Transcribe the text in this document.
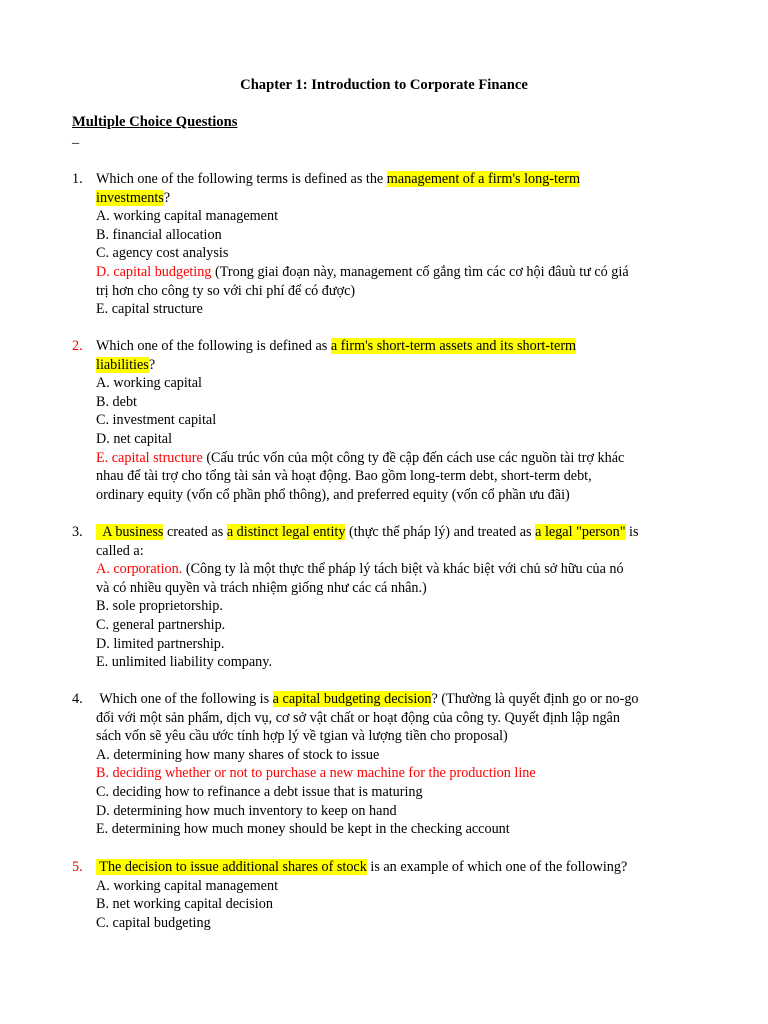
Chapter 1: Introduction to Corporate Finance
Multiple Choice Questions
–
1. Which one of the following terms is defined as the management of a firm's long-term
investments?
A. working capital management
B. financial allocation
C. agency cost analysis
D. capital budgeting (Trong giai đoạn này, management cố gắng tìm các cơ hội đâuù tư có giá
trị hơn cho công ty so với chi phí để có được)
E. capital structure
2. Which one of the following is defined as a firm's short-term assets and its short-term
liabilities?
A. working capital
B. debt
C. investment capital
D. net capital
E. capital structure (Cấu trúc vốn của một công ty đề cập đến cách use các nguồn tài trợ khác
nhau để tài trợ cho tổng tài sản và hoạt động. Bao gồm long-term debt, short-term debt,
ordinary equity (vốn cổ phần phổ thông), and preferred equity (vốn cổ phần ưu đãi)
3. A business created as a distinct legal entity (thực thể pháp lý) and treated as a legal "person" is
called a:
A. corporation. (Công ty là một thực thể pháp lý tách biệt và khác biệt với chủ sở hữu của nó
và có nhiều quyền và trách nhiệm giống như các cá nhân.)
B. sole proprietorship.
C. general partnership.
D. limited partnership.
E. unlimited liability company.
4. Which one of the following is a capital budgeting decision? (Thường là quyết định go or no-go
đối với một sản phẩm, dịch vụ, cơ sở vật chất or hoạt động của công ty. Quyết định lập ngân
sách vốn sẽ yêu cầu ước tính hợp lý về tgian và lượng tiền cho proposal)
A. determining how many shares of stock to issue
B. deciding whether or not to purchase a new machine for the production line
C. deciding how to refinance a debt issue that is maturing
D. determining how much inventory to keep on hand
E. determining how much money should be kept in the checking account
5. The decision to issue additional shares of stock is an example of which one of the following?
A. working capital management
B. net working capital decision
C. capital budgeting
